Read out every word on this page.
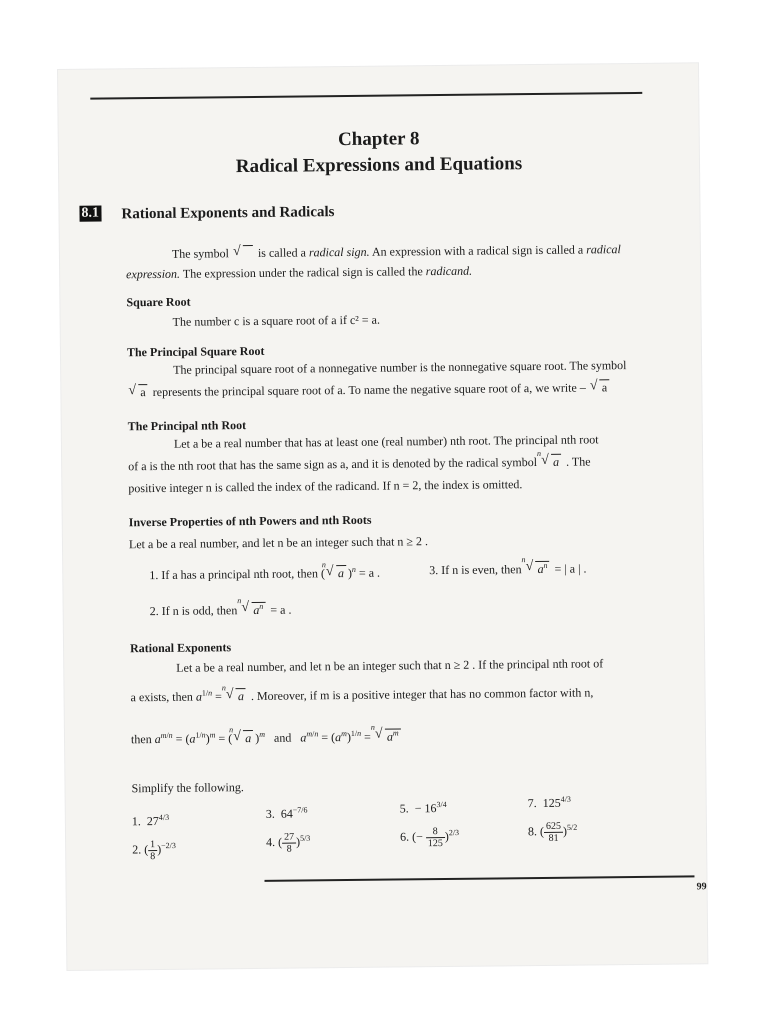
Chapter 8
Radical Expressions and Equations
8.1 Rational Exponents and Radicals
The symbol √ is called a radical sign. An expression with a radical sign is called a radical
expression. The expression under the radical sign is called the radicand.
Square Root
The number c is a square root of a if c² = a.
The Principal Square Root
The principal square root of a nonnegative number is the nonnegative square root. The symbol
√ a represents the principal square root of a. To name the negative square root of a, we write – √ a
The Principal nth Root
Let a be a real number that has at least one (real number) nth root. The principal nth root
of a is the nth root that has the same sign as a, and it is denoted by the radical symbol
√ n
a . The
positive integer n is called the index of the radicand. If n = 2, the index is omitted.
Inverse Properties of nth Powers and nth Roots
Let a be a real number, and let n be an integer such that n ≥ 2 .
1. If a has a principal nth root, then (
√ n
a )$^n$ = a .	3. If n is even, then
√ n
$a^n$ = | a | .
2. If n is odd, then
√ n
$a^n = a$ .
Rational Exponents
Let a be a real number, and let n be an integer such that n ≥ 2 . If the principal nth root of
a exists, then $a^{1/n}$ =
√ n
a . Moreover, if m is a positive integer that has no common factor with n,
then $a^{m/n} = (a^{1/n})^m$ = (
√ n
a )$^m$ and $a^{m/n} = (a^m)^{1/n}$ =
√ n
$a^m$
Simplify the following.
1. $27^{4/3}$
2. ( $\frac{1}{8} )^{-2/3}$
3. $64^{-7/6}$
4. ( $\frac{27}{8} )^{5/3}$
5. − $16^{3/4}$
6. (− $\frac{8}{125} )^{2/3}$
7. $125^{4/3}$
8. ( $\frac{625}{81} )^{5/2}$
99
